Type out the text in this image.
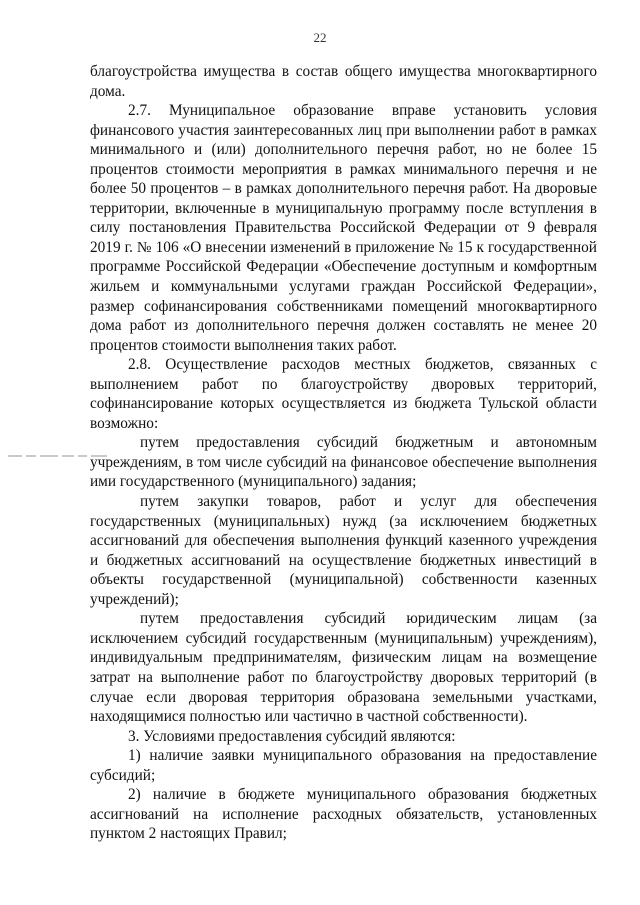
22

благоустройства имущества в состав общего имущества многоквартирного дома.

2.7. Муниципальное образование вправе установить условия финансового участия заинтересованных лиц при выполнении работ в рамках минимального и (или) дополнительного перечня работ, но не более 15 процентов стоимости мероприятия в рамках минимального перечня и не более 50 процентов – в рамках дополнительного перечня работ. На дворовые территории, включенные в муниципальную программу после вступления в силу постановления Правительства Российской Федерации от 9 февраля 2019 г. № 106 «О внесении изменений в приложение № 15 к государственной программе Российской Федерации «Обеспечение доступным и комфортным жильем и коммунальными услугами граждан Российской Федерации», размер софинансирования собственниками помещений многоквартирного дома работ из дополнительного перечня должен составлять не менее 20 процентов стоимости выполнения таких работ.

2.8. Осуществление расходов местных бюджетов, связанных с выполнением работ по благоустройству дворовых территорий, софинансирование которых осуществляется из бюджета Тульской области возможно:

путем предоставления субсидий бюджетным и автономным учреждениям, в том числе субсидий на финансовое обеспечение выполнения ими государственного (муниципального) задания;

путем закупки товаров, работ и услуг для обеспечения государственных (муниципальных) нужд (за исключением бюджетных ассигнований для обеспечения выполнения функций казенного учреждения и бюджетных ассигнований на осуществление бюджетных инвестиций в объекты государственной (муниципальной) собственности казенных учреждений);

путем предоставления субсидий юридическим лицам (за исключением субсидий государственным (муниципальным) учреждениям), индивидуальным предпринимателям, физическим лицам на возмещение затрат на выполнение работ по благоустройству дворовых территорий (в случае если дворовая территория образована земельными участками, находящимися полностью или частично в частной собственности).

3. Условиями предоставления субсидий являются:

1) наличие заявки муниципального образования на предоставление субсидий;

2) наличие в бюджете муниципального образования бюджетных ассигнований на исполнение расходных обязательств, установленных пунктом 2 настоящих Правил;
